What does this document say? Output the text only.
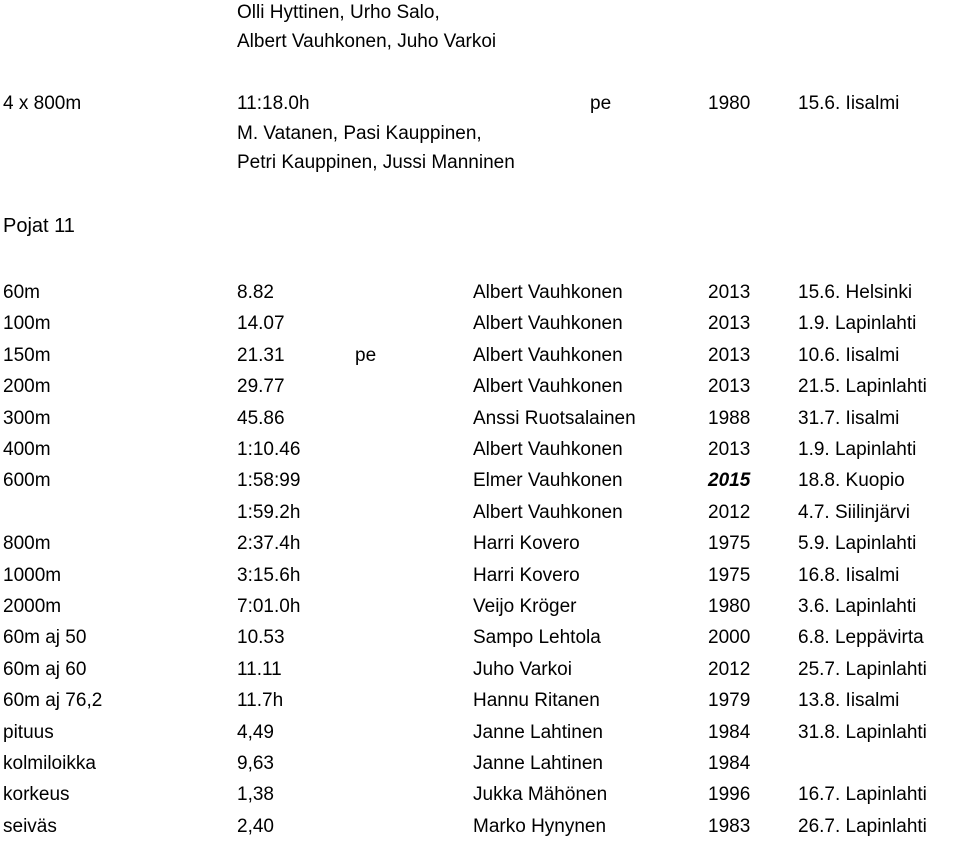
Olli Hyttinen, Urho Salo,
Albert Vauhkonen, Juho Varkoi
4 x 800m	11:18.0h	pe	1980	15.6. Iisalmi
M. Vatanen, Pasi Kauppinen,
Petri Kauppinen, Jussi Manninen
Pojat 11
60m	8.82	Albert Vauhkonen	2013	15.6. Helsinki
100m	14.07	Albert Vauhkonen	2013	1.9. Lapinlahti
150m	21.31	pe	Albert Vauhkonen	2013	10.6. Iisalmi
200m	29.77	Albert Vauhkonen	2013	21.5. Lapinlahti
300m	45.86	Anssi Ruotsalainen	1988	31.7. Iisalmi
400m	1:10.46	Albert Vauhkonen	2013	1.9. Lapinlahti
600m	1:58:99	Elmer Vauhkonen	2015	18.8. Kuopio
1:59.2h	Albert Vauhkonen	2012	4.7. Siilinjärvi
800m	2:37.4h	Harri Kovero	1975	5.9. Lapinlahti
1000m	3:15.6h	Harri Kovero	1975	16.8. Iisalmi
2000m	7:01.0h	Veijo Kröger	1980	3.6. Lapinlahti
60m aj 50	10.53	Sampo Lehtola	2000	6.8. Leppävirta
60m aj 60	11.11	Juho Varkoi	2012	25.7. Lapinlahti
60m aj 76,2	11.7h	Hannu Ritanen	1979	13.8. Iisalmi
pituus	4,49	Janne Lahtinen	1984	31.8. Lapinlahti
kolmiloikka	9,63	Janne Lahtinen	1984
korkeus	1,38	Jukka Mähönen	1996	16.7. Lapinlahti
seiväs	2,40	Marko Hynynen	1983	26.7. Lapinlahti
